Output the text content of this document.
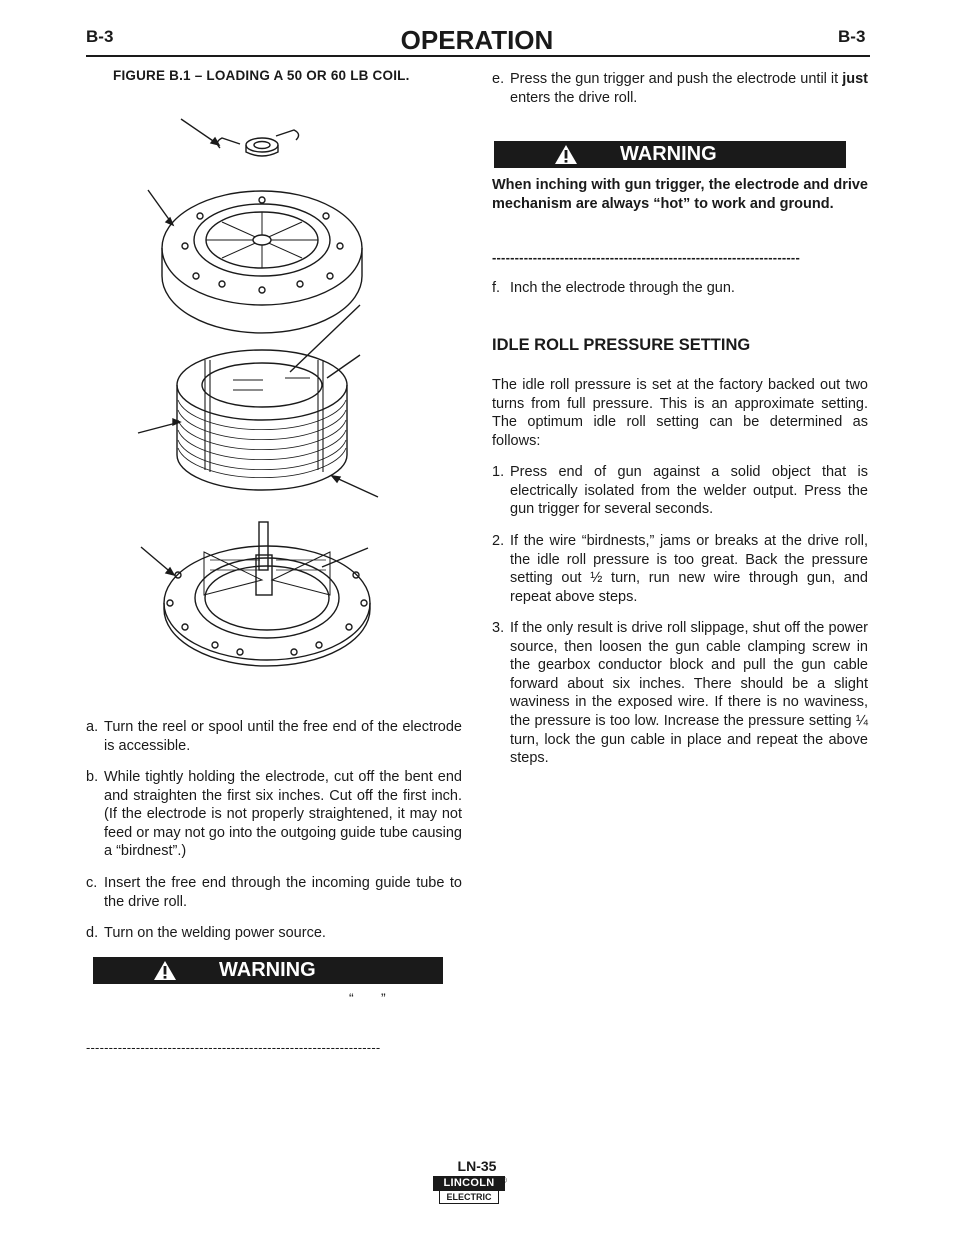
B-3	OPERATION	B-3
FIGURE B.1 – LOADING A 50 OR 60 LB COIL.
a. Turn the reel or spool until the free end of the electrode is accessible.
b. While tightly holding the electrode, cut off the bent end and straighten the first six inches. Cut off the first inch. (If the electrode is not properly straightened, it may not feed or may not go into the outgoing guide tube causing a “birdnest”.)
c. Insert the free end through the incoming guide tube to the drive roll.
d. Turn on the welding power source.
WARNING
“ ”
-----------------------------------------------------------------
e. Press the gun trigger and push the electrode until it just enters the drive roll.
WARNING
When inching with gun trigger, the electrode and drive mechanism are always “hot” to work and ground.
--------------------------------------------------------------------
f. Inch the electrode through the gun.
IDLE ROLL PRESSURE SETTING
The idle roll pressure is set at the factory backed out two turns from full pressure. This is an approximate setting. The optimum idle roll setting can be determined as follows:
1. Press end of gun against a solid object that is electrically isolated from the welder output. Press the gun trigger for several seconds.
2. If the wire “birdnests,” jams or breaks at the drive roll, the idle roll pressure is too great. Back the pressure setting out ½ turn, run new wire through gun, and repeat above steps.
3. If the only result is drive roll slippage, shut off the power source, then loosen the gun cable clamping screw in the gearbox conductor block and pull the gun cable forward about six inches. There should be a slight waviness in the exposed wire. If there is no waviness, the pressure is too low. Increase the pressure setting ¼ turn, lock the gun cable in place and repeat the above steps.
LN-35
LINCOLN
ELECTRIC
®
